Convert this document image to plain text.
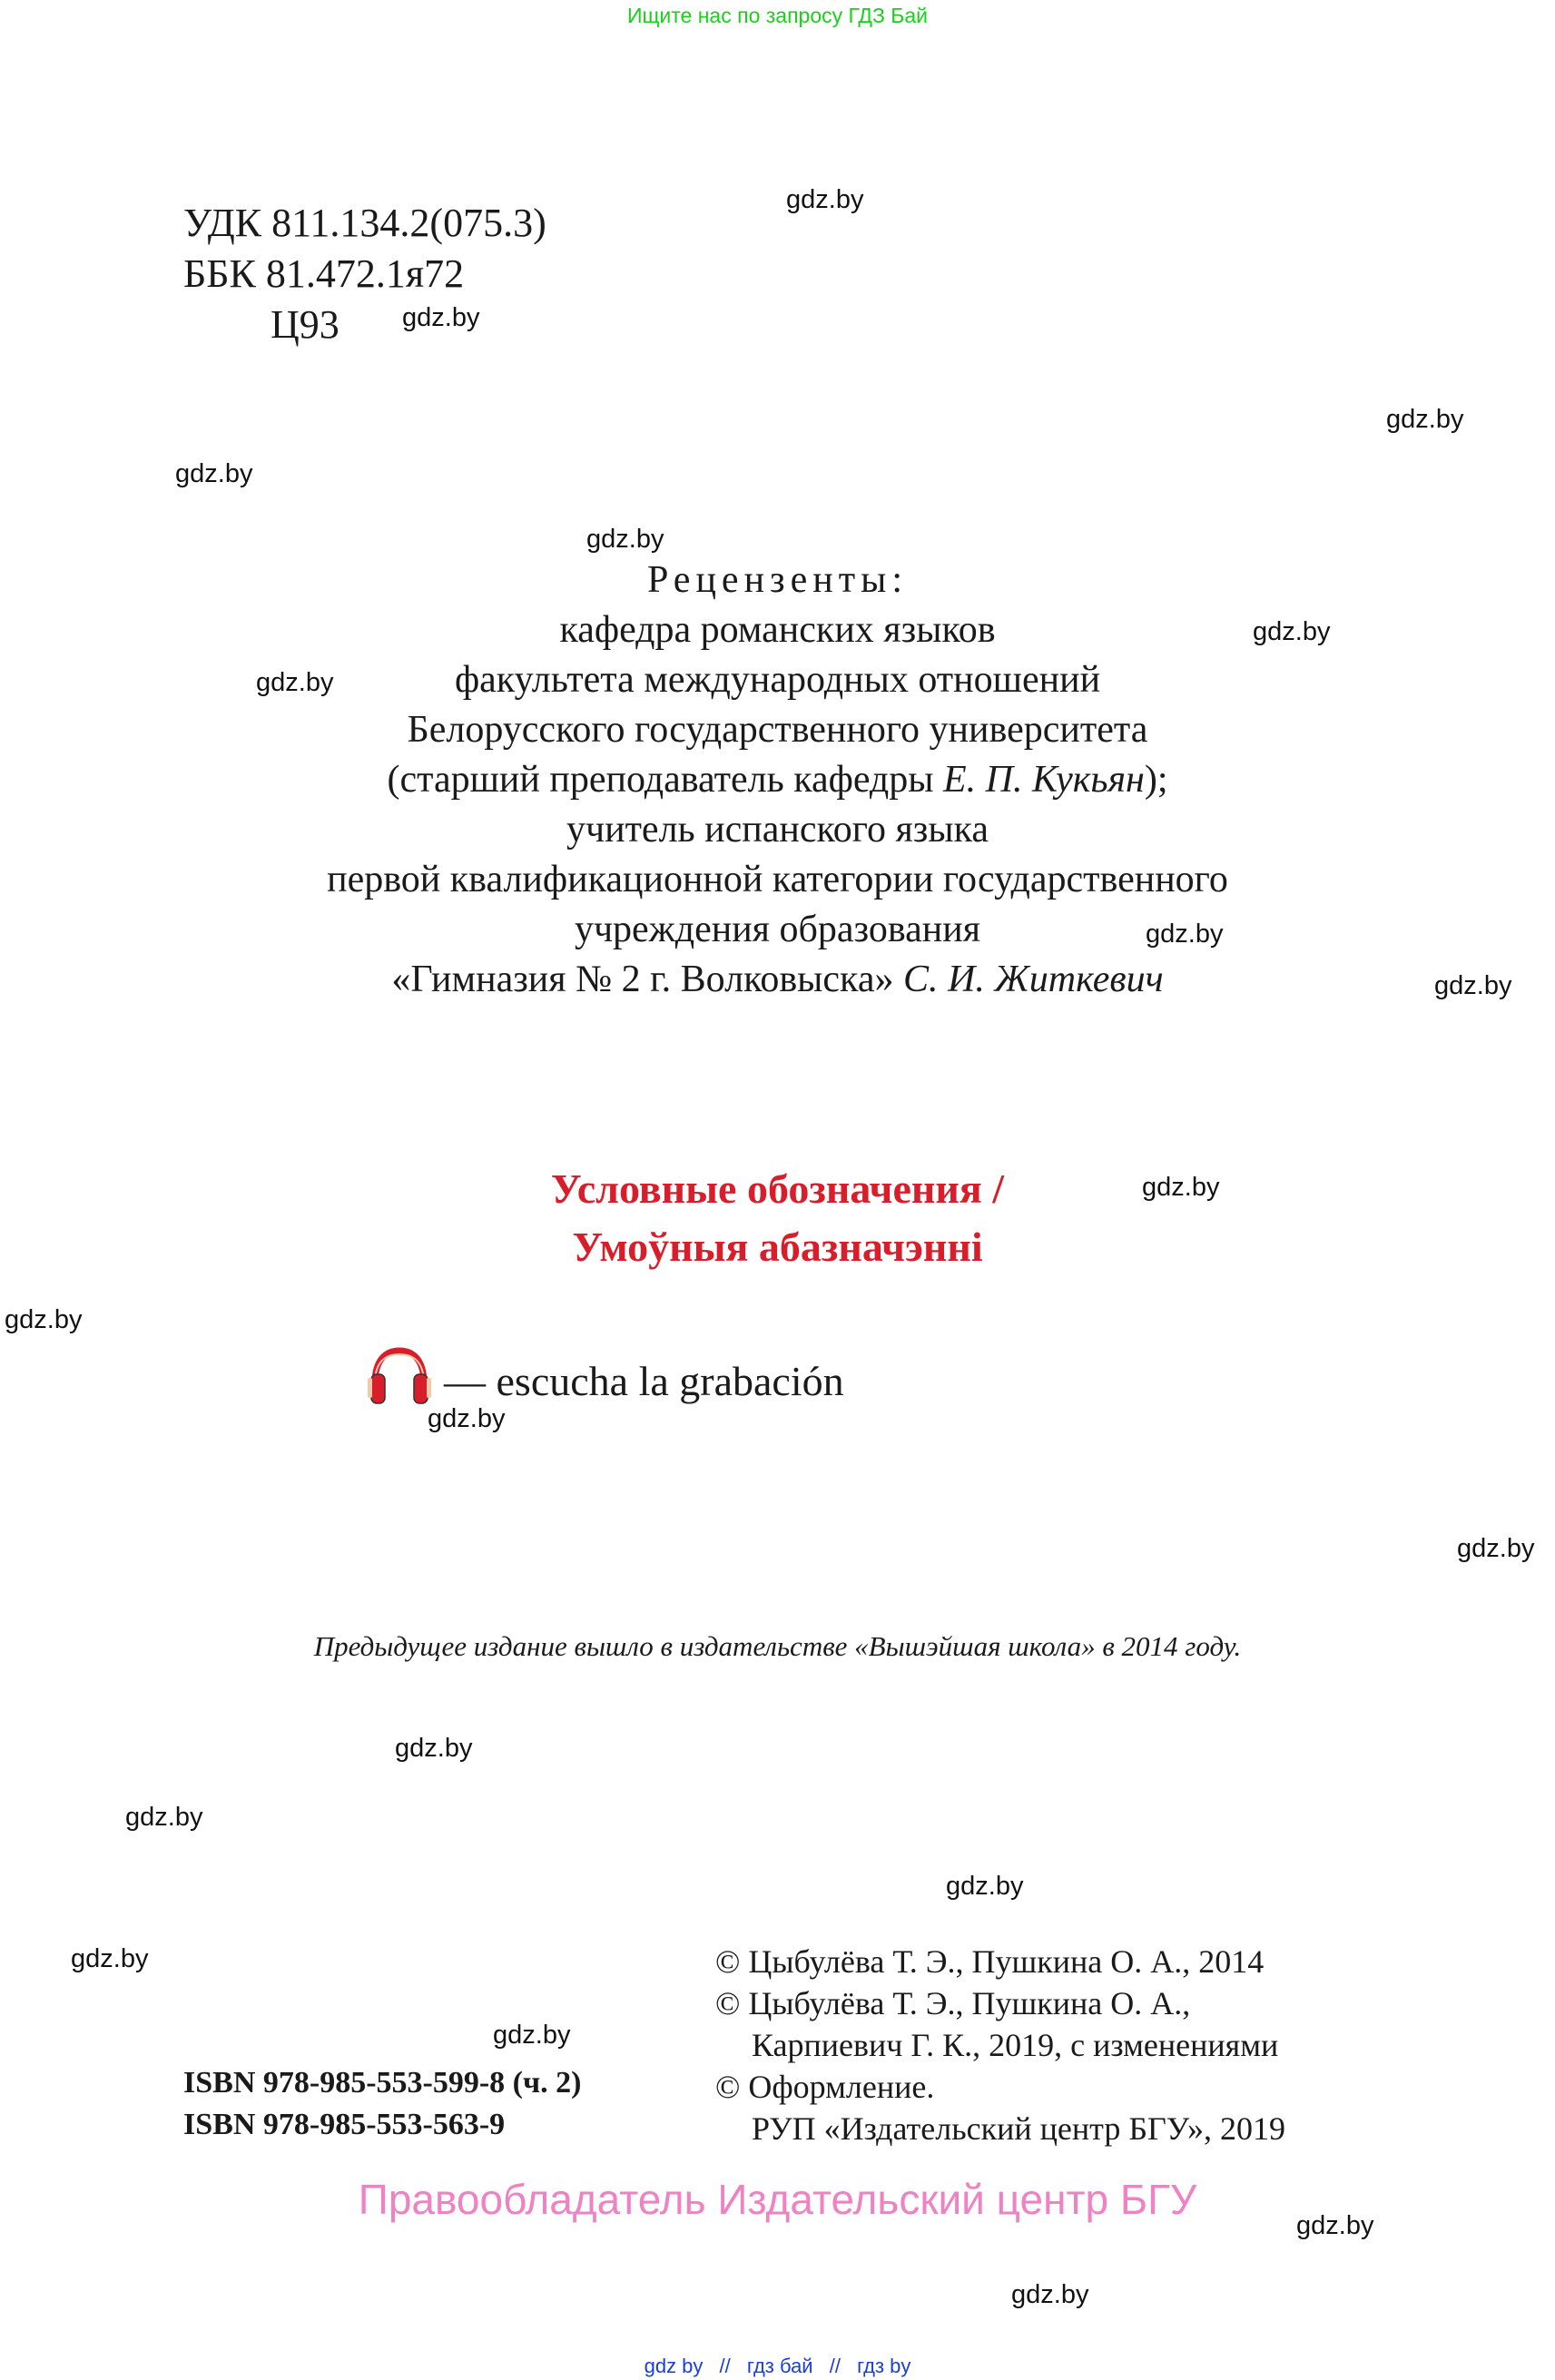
Ищите нас по запросу ГДЗ Бай
УДК 811.134.2(075.3)
ББК 81.472.1я72
Ц93
Рецензенты:
кафедра романских языков
факультета международных отношений
Белорусского государственного университета
(старший преподаватель кафедры Е. П. Кукьян);
учитель испанского языка
первой квалификационной категории государственного
учреждения образования
«Гимназия № 2 г. Волковыска» С. И. Житкевич
Условные обозначения /
Умоўныя абазначэнні
— escucha la grabación
Предыдущее издание вышло в издательстве «Вышэйшая школа» в 2014 году.
© Цыбулёва Т. Э., Пушкина О. А., 2014
© Цыбулёва Т. Э., Пушкина О. А.,
Карпиевич Г. К., 2019, с изменениями
© Оформление.
РУП «Издательский центр БГУ», 2019
ISBN 978-985-553-599-8 (ч. 2)
ISBN 978-985-553-563-9
Правообладатель Издательский центр БГУ
gdz by // гдз бай // гдз by
gdz.by
gdz.by
gdz.by
gdz.by
gdz.by
gdz.by
gdz.by
gdz.by
gdz.by
gdz.by
gdz.by
gdz.by
gdz.by
gdz.by
gdz.by
gdz.by
gdz.by
gdz.by
gdz.by
gdz.by
